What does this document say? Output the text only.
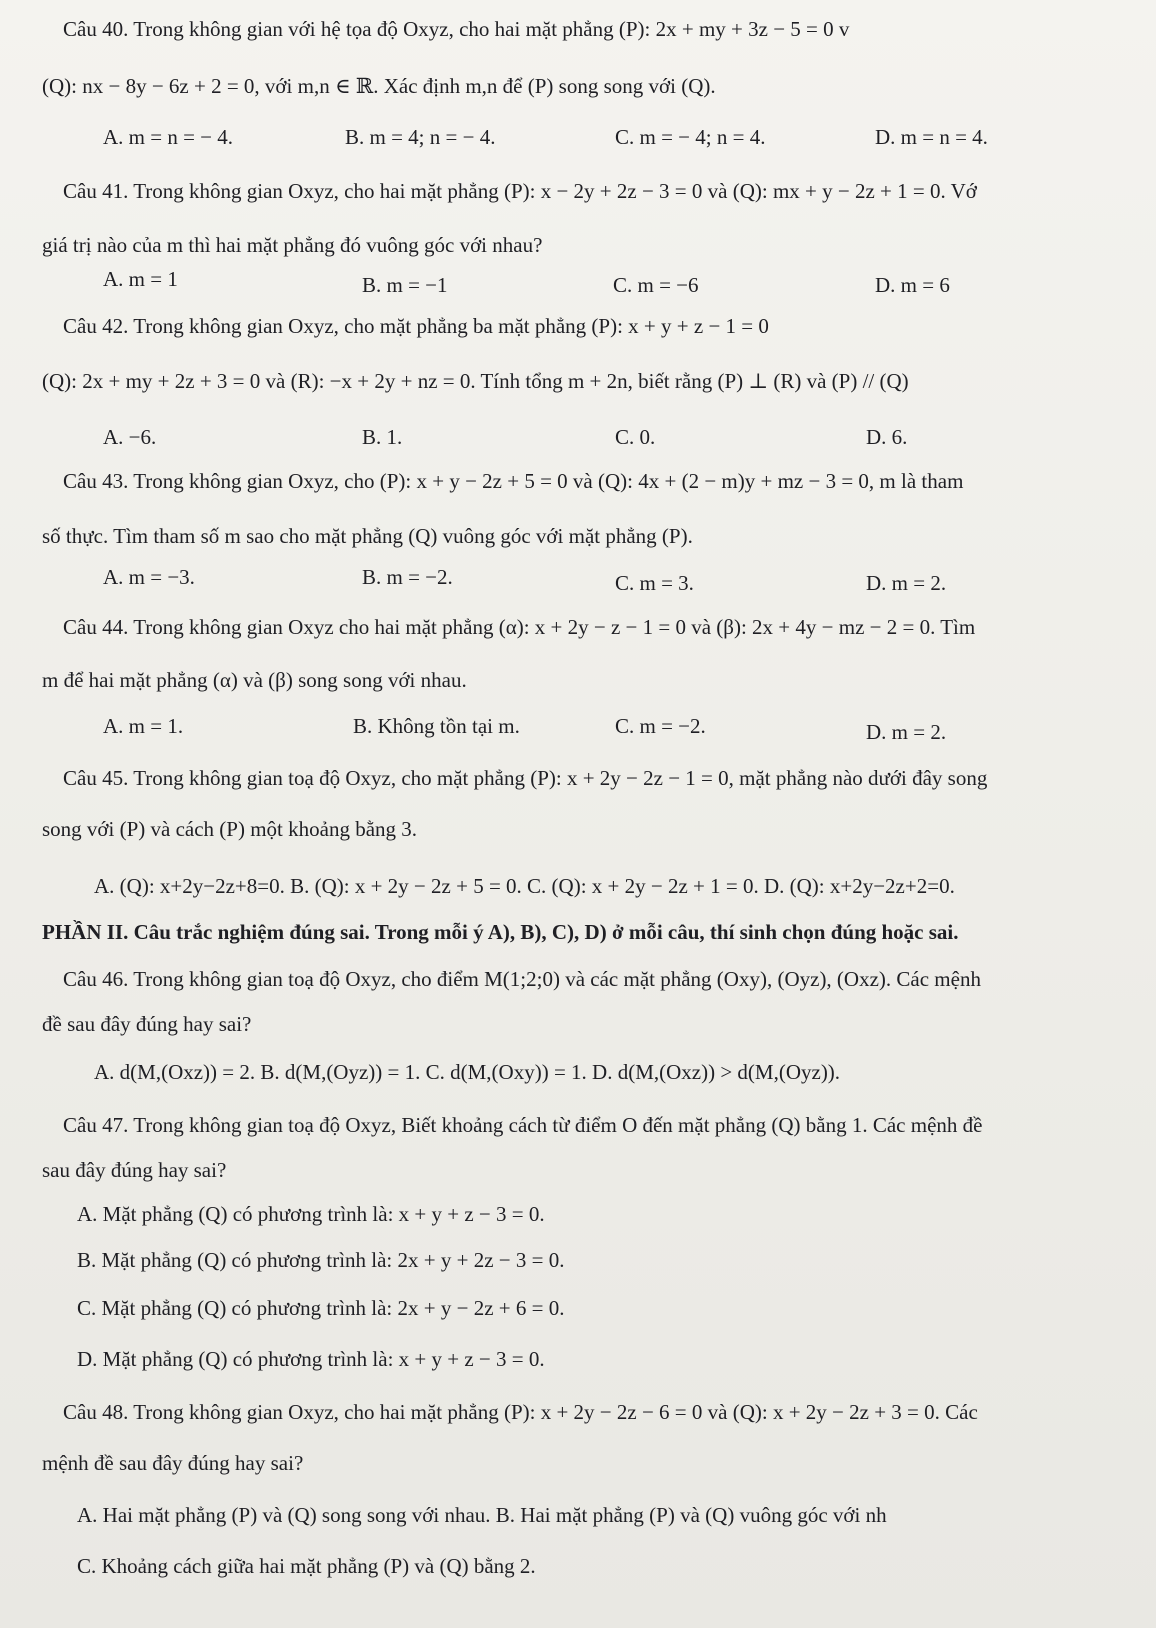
Câu 40. Trong không gian với hệ tọa độ Oxyz, cho hai mặt phẳng (P): 2x + my + 3z − 5 = 0 v
(Q): nx − 8y − 6z + 2 = 0, với m,n ∈ ℝ. Xác định m,n để (P) song song với (Q).
A. m = n = − 4.	B. m = 4; n = − 4.	C. m = − 4; n = 4.	D. m = n = 4.
Câu 41. Trong không gian Oxyz, cho hai mặt phẳng (P): x − 2y + 2z − 3 = 0 và (Q): mx + y − 2z + 1 = 0. Vớ
giá trị nào của m thì hai mặt phẳng đó vuông góc với nhau?
A. m = 1	B. m = −1	C. m = −6	D. m = 6
Câu 42. Trong không gian Oxyz, cho mặt phẳng ba mặt phẳng (P): x + y + z − 1 = 0
(Q): 2x + my + 2z + 3 = 0 và (R): −x + 2y + nz = 0. Tính tổng m + 2n, biết rằng (P) ⊥ (R) và (P) // (Q)
A. −6.	B. 1.	C. 0.	D. 6.
Câu 43. Trong không gian Oxyz, cho (P): x + y − 2z + 5 = 0 và (Q): 4x + (2 − m)y + mz − 3 = 0, m là tham
số thực. Tìm tham số m sao cho mặt phẳng (Q) vuông góc với mặt phẳng (P).
A. m = −3.	B. m = −2.	C. m = 3.	D. m = 2.
Câu 44. Trong không gian Oxyz cho hai mặt phẳng (α): x + 2y − z − 1 = 0 và (β): 2x + 4y − mz − 2 = 0. Tìm
m để hai mặt phẳng (α) và (β) song song với nhau.
A. m = 1.	B. Không tồn tại m.	C. m = −2.	D. m = 2.
Câu 45. Trong không gian toạ độ Oxyz, cho mặt phẳng (P): x + 2y − 2z − 1 = 0, mặt phẳng nào dưới đây song
song với (P) và cách (P) một khoảng bằng 3.
A. (Q): x+2y−2z+8=0. B. (Q): x + 2y − 2z + 5 = 0. C. (Q): x + 2y − 2z + 1 = 0. D. (Q): x+2y−2z+2=0.
PHẦN II. Câu trắc nghiệm đúng sai. Trong mỗi ý A), B), C), D) ở mỗi câu, thí sinh chọn đúng hoặc sai.
Câu 46. Trong không gian toạ độ Oxyz, cho điểm M(1;2;0) và các mặt phẳng (Oxy), (Oyz), (Oxz). Các mệnh
đề sau đây đúng hay sai?
A. d(M,(Oxz)) = 2. B. d(M,(Oyz)) = 1. C. d(M,(Oxy)) = 1. D. d(M,(Oxz)) > d(M,(Oyz)).
Câu 47. Trong không gian toạ độ Oxyz, Biết khoảng cách từ điểm O đến mặt phẳng (Q) bằng 1. Các mệnh đề
sau đây đúng hay sai?
A. Mặt phẳng (Q) có phương trình là: x + y + z − 3 = 0.
B. Mặt phẳng (Q) có phương trình là: 2x + y + 2z − 3 = 0.
C. Mặt phẳng (Q) có phương trình là: 2x + y − 2z + 6 = 0.
D. Mặt phẳng (Q) có phương trình là: x + y + z − 3 = 0.
Câu 48. Trong không gian Oxyz, cho hai mặt phẳng (P): x + 2y − 2z − 6 = 0 và (Q): x + 2y − 2z + 3 = 0. Các
mệnh đề sau đây đúng hay sai?
A. Hai mặt phẳng (P) và (Q) song song với nhau. B. Hai mặt phẳng (P) và (Q) vuông góc với nh
C. Khoảng cách giữa hai mặt phẳng (P) và (Q) bằng 2.
